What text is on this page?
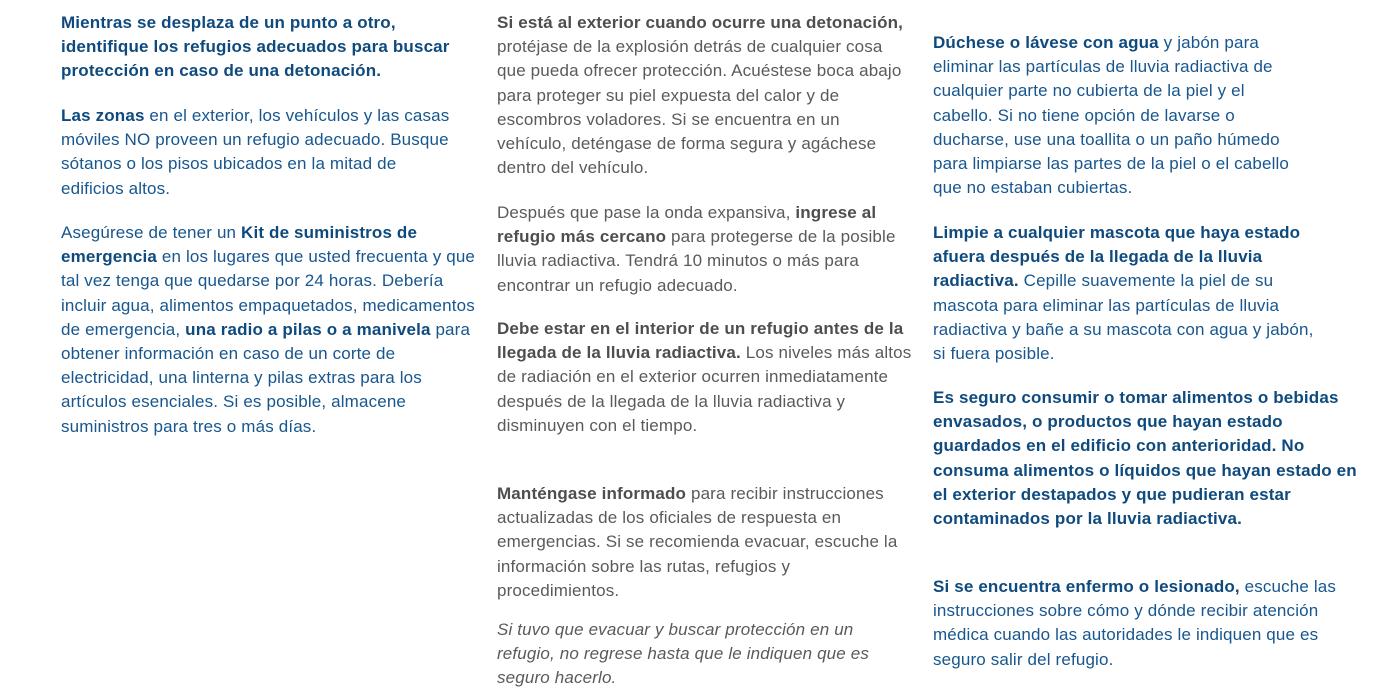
Mientras se desplaza de un punto a otro, identifique los refugios adecuados para buscar protección en caso de una detonación.

Las zonas en el exterior, los vehículos y las casas móviles NO proveen un refugio adecuado. Busque sótanos o los pisos ubicados en la mitad de edificios altos.

Asegúrese de tener un Kit de suministros de emergencia en los lugares que usted frecuenta y que tal vez tenga que quedarse por 24 horas. Debería incluir agua, alimentos empaquetados, medicamentos de emergencia, una radio a pilas o a manivela para obtener información en caso de un corte de electricidad, una linterna y pilas extras para los artículos esenciales. Si es posible, almacene suministros para tres o más días.

Si está al exterior cuando ocurre una detonación, protéjase de la explosión detrás de cualquier cosa que pueda ofrecer protección. Acuéstese boca abajo para proteger su piel expuesta del calor y de escombros voladores. Si se encuentra en un vehículo, deténgase de forma segura y agáchese dentro del vehículo.

Después que pase la onda expansiva, ingrese al refugio más cercano para protegerse de la posible lluvia radiactiva. Tendrá 10 minutos o más para encontrar un refugio adecuado.

Debe estar en el interior de un refugio antes de la llegada de la lluvia radiactiva. Los niveles más altos de radiación en el exterior ocurren inmediatamente después de la llegada de la lluvia radiactiva y disminuyen con el tiempo.

Manténgase informado para recibir instrucciones actualizadas de los oficiales de respuesta en emergencias. Si se recomienda evacuar, escuche la información sobre las rutas, refugios y procedimientos.

Si tuvo que evacuar y buscar protección en un refugio, no regrese hasta que le indiquen que es seguro hacerlo.

Dúchese o lávese con agua y jabón para eliminar las partículas de lluvia radiactiva de cualquier parte no cubierta de la piel y el cabello. Si no tiene opción de lavarse o ducharse, use una toallita o un paño húmedo para limpiarse las partes de la piel o el cabello que no estaban cubiertas.

Limpie a cualquier mascota que haya estado afuera después de la llegada de la lluvia radiactiva. Cepille suavemente la piel de su mascota para eliminar las partículas de lluvia radiactiva y bañe a su mascota con agua y jabón, si fuera posible.

Es seguro consumir o tomar alimentos o bebidas envasados, o productos que hayan estado guardados en el edificio con anterioridad. No consuma alimentos o líquidos que hayan estado en el exterior destapados y que pudieran estar contaminados por la lluvia radiactiva.

Si se encuentra enfermo o lesionado, escuche las instrucciones sobre cómo y dónde recibir atención médica cuando las autoridades le indiquen que es seguro salir del refugio.
